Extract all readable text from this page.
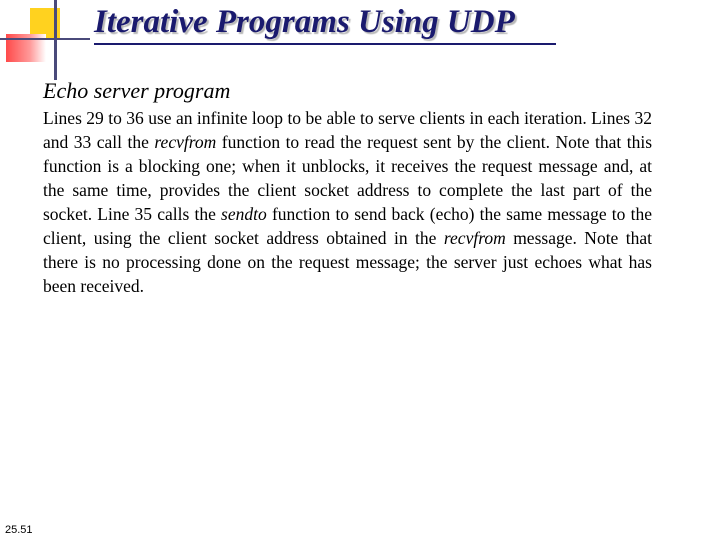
Iterative Programs Using UDP
Echo server program
Lines 29 to 36 use an infinite loop to be able to serve clients in each iteration. Lines 32 and 33 call the recvfrom function to read the request sent by the client. Note that this function is a blocking one; when it unblocks, it receives the request message and, at the same time, provides the client socket address to complete the last part of the socket. Line 35 calls the sendto function to send back (echo) the same message to the client, using the client socket address obtained in the recvfrom message. Note that there is no processing done on the request message; the server just echoes what has been received.
25.51
